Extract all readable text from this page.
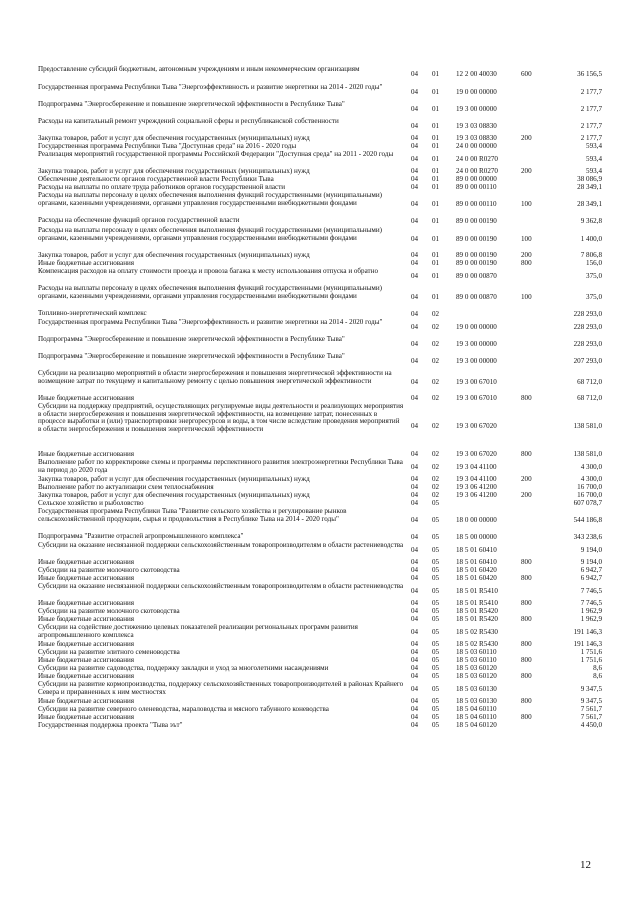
Предоставление субсидий бюджетным, автономным учреждениям и иным некоммерческим организациям
04 01 12 2 00 40030	600	36 156,5
Государственная программа Республики Тыва "Энергоэффективность и развитие энергетики на 2014 - 2020 годы"
04 01 19 0 00 00000	2 177,7
Подпрограмма "Энергосбережение и повышение энергетической эффективности в Республике Тыва"
04 01 19 3 00 00000	2 177,7
Расходы на капитальный ремонт учреждений социальной сферы и республиканской собственности
04 01 19 3 03 08830	2 177,7
Закупка товаров, работ и услуг для обеспечения государственных (муниципальных) нужд	04 01 19 3 03 08830	200	2 177,7
Государственная программа Республики Тыва "Доступная среда" на 2016 - 2020 годы	04 01 24 0 00 00000	593,4
Реализация мероприятий государственной программы Российской Федерации "Доступная среда" на 2011 - 2020 годы
04 01 24 0 00 R0270	593,4
Закупка товаров, работ и услуг для обеспечения государственных (муниципальных) нужд	04 01 24 0 00 R0270	200	593,4
Обеспечение деятельности органов государственной власти Республики Тыва	04 01 89 0 00 00000	38 086,9
Расходы на выплаты по оплате труда работников органов государственной власти	04 01 89 0 00 00110	28 349,1
Расходы на выплаты персоналу в целях обеспечения выполнения функций государственными (муниципальными) органами, казенными учреждениями, органами управления государственными внебюджетными фондами	04 01 89 0 00 00110	100	28 349,1
Расходы на обеспечение функций органов государственной власти	04 01 89 0 00 00190	9 362,8
Расходы на выплаты персоналу в целях обеспечения выполнения функций государственными (муниципальными) органами, казенными учреждениями, органами управления государственными внебюджетными фондами	04 01 89 0 00 00190	100	1 400,0
Закупка товаров, работ и услуг для обеспечения государственных (муниципальных) нужд	04 01 89 0 00 00190	200	7 806,8
Иные бюджетные ассигнования	04 01 89 0 00 00190	800	156,0
Компенсация расходов на оплату стоимости проезда и провоза багажа к месту использования отпуска и обратно
04 01 89 0 00 00870	375,0
Расходы на выплаты персоналу в целях обеспечения выполнения функций государственными (муниципальными) органами, казенными учреждениями, органами управления государственными внебюджетными фондами	04 01 89 0 00 00870	100	375,0
Топливно-энергетический комплекс	04 02	228 293,0
Государственная программа Республики Тыва "Энергоэффективность и развитие энергетики на 2014 - 2020 годы"
04 02 19 0 00 00000	228 293,0
Подпрограмма "Энергосбережение и повышение энергетической эффективности в Республике Тыва"
04 02 19 3 00 00000	228 293,0
Подпрограмма "Энергосбережение и повышение энергетической эффективности в Республике Тыва"
04 02 19 3 00 00000	207 293,0
Субсидии на реализацию мероприятий в области энергосбережения и повышения энергетической эффективности на возмещение затрат по текущему и капитальному ремонту с целью повышения энергетической эффективности	04 02 19 3 00 67010	68 712,0
Иные бюджетные ассигнования	04 02 19 3 00 67010	800	68 712,0
Субсидии на поддержку предприятий, осуществляющих регулируемые виды деятельности и реализующих мероприятия в области энергосбережения и повышения энергетической эффективности, на возмещение затрат, понесенных в процессе выработки и (или) транспортировки энергоресурсов и воды, в том числе вследствие проведения мероприятий в области энергосбережения и повышения энергетической эффективности	04 02 19 3 00 67020	138 581,0
Иные бюджетные ассигнования	04 02 19 3 00 67020	800	138 581,0
Выполнение работ по корректировке схемы и программы перспективного развития электроэнергетики Республики Тыва на период до 2020 года	04 02 19 3 04 41100	4 300,0
Закупка товаров, работ и услуг для обеспечения государственных (муниципальных) нужд	04 02 19 3 04 41100	200	4 300,0
Выполнение работ по актуализации схем теплоснабжения	04 02 19 3 06 41200	16 700,0
Закупка товаров, работ и услуг для обеспечения государственных (муниципальных) нужд	04 02 19 3 06 41200	200	16 700,0
Сельское хозяйство и рыболовство	04 05	607 078,7
Государственная программа Республики Тыва "Развитие сельского хозяйства и регулирование рынков сельскохозяйственной продукции, сырья и продовольствия в Республике Тыва на 2014 - 2020 годы"	04 05 18 0 00 00000	544 186,8
Подпрограмма "Развитие отраслей агропромышленного комплекса"	04 05 18 5 00 00000	343 238,6
Субсидии на оказание несвязанной поддержки сельскохозяйственным товаропроизводителям в области растениеводства
04 05 18 5 01 60410	9 194,0
Иные бюджетные ассигнования	04 05 18 5 01 60410	800	9 194,0
Субсидии на развитие молочного скотоводства	04 05 18 5 01 60420	6 942,7
Иные бюджетные ассигнования	04 05 18 5 01 60420	800	6 942,7
Субсидии на оказание несвязанной поддержки сельскохозяйственным товаропроизводителям в области растениеводства
04 05 18 5 01 R5410	7 746,5
Иные бюджетные ассигнования	04 05 18 5 01 R5410	800	7 746,5
Субсидии на развитие молочного скотоводства	04 05 18 5 01 R5420	1 962,9
Иные бюджетные ассигнования	04 05 18 5 01 R5420	800	1 962,9
Субсидии на содействие достижению целевых показателей реализации региональных программ развития агропромышленного комплекса	04 05 18 5 02 R5430	191 146,3
Иные бюджетные ассигнования	04 05 18 5 02 R5430	800	191 146,3
Субсидии на развитие элитного семеноводства	04 05 18 5 03 60110	1 751,6
Иные бюджетные ассигнования	04 05 18 5 03 60110	800	1 751,6
Субсидии на развитие садоводства, поддержку закладки и уход за многолетними насаждениями	04 05 18 5 03 60120	8,6
Иные бюджетные ассигнования	04 05 18 5 03 60120	800	8,6
Субсидии на развитие кормопроизводства, поддержку сельскохозяйственных товаропроизводителей в районах Крайнего Севера и приравненных к ним местностях	04 05 18 5 03 60130	9 347,5
Иные бюджетные ассигнования	04 05 18 5 03 60130	800	9 347,5
Субсидии на развитие северного оленеводства, мараловодства и мясного табунного коневодства	04 05 18 5 04 60110	7 561,7
Иные бюджетные ассигнования	04 05 18 5 04 60110	800	7 561,7
Государственная поддержка проекта "Тыва эът"	04 05 18 5 04 60120	4 450,0
12
